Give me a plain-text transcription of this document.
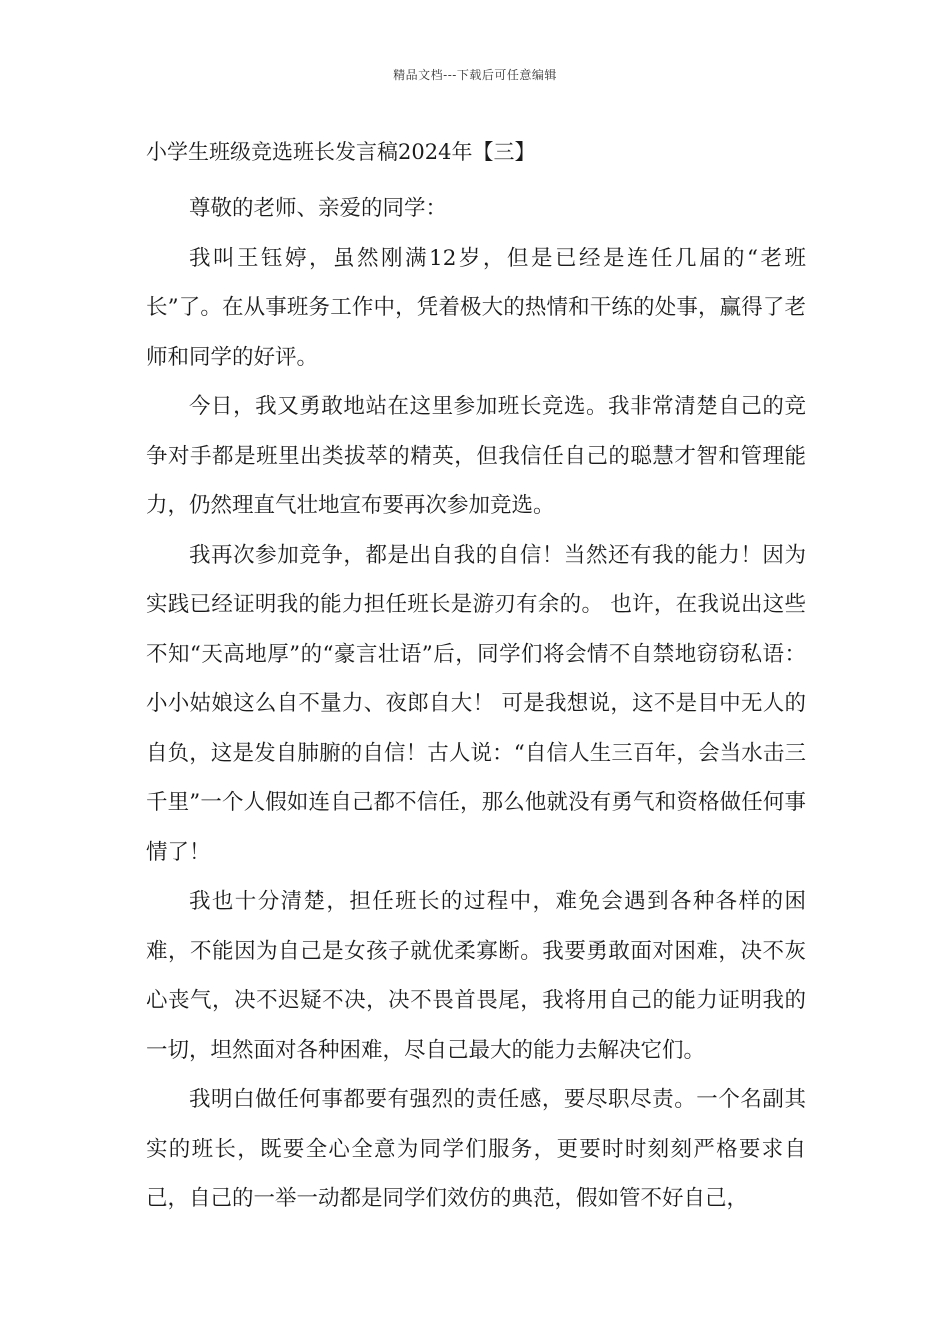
精品文档---下载后可任意编辑
小学生班级竞选班长发言稿2024年【三】

尊敬的老师、亲爱的同学：

我叫王钰婷，虽然刚满12岁，但是已经是连任几届的“老班长”了。在从事班务工作中，凭着极大的热情和干练的处事，赢得了老师和同学的好评。

今日，我又勇敢地站在这里参加班长竞选。我非常清楚自己的竞争对手都是班里出类拔萃的精英，但我信任自己的聪慧才智和管理能力，仍然理直气壮地宣布要再次参加竞选。

我再次参加竞争，都是出自我的自信！当然还有我的能力！因为实践已经证明我的能力担任班长是游刃有余的。 也许，在我说出这些不知“天高地厚”的“豪言壮语”后，同学们将会情不自禁地窃窃私语：小小姑娘这么自不量力、夜郎自大！ 可是我想说，这不是目中无人的自负，这是发自肺腑的自信！古人说：“自信人生三百年，会当水击三千里”一个人假如连自己都不信任，那么他就没有勇气和资格做任何事情了！

我也十分清楚，担任班长的过程中，难免会遇到各种各样的困难，不能因为自己是女孩子就优柔寡断。我要勇敢面对困难，决不灰心丧气，决不迟疑不决，决不畏首畏尾，我将用自己的能力证明我的一切，坦然面对各种困难，尽自己最大的能力去解决它们。

我明白做任何事都要有强烈的责任感，要尽职尽责。一个名副其实的班长，既要全心全意为同学们服务，更要时时刻刻严格要求自己，自己的一举一动都是同学们效仿的典范，假如管不好自己，
